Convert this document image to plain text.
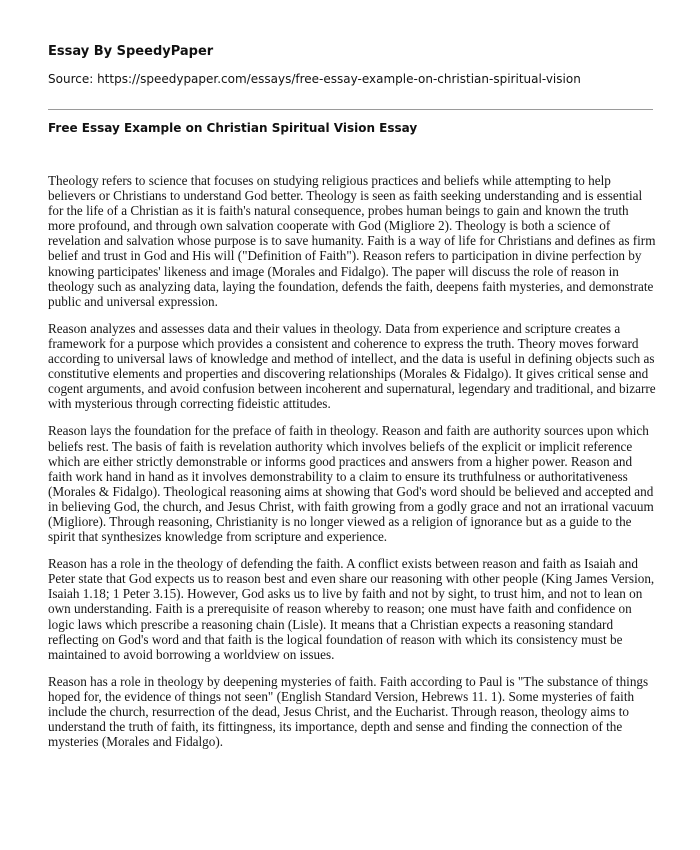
Essay By SpeedyPaper
Source: https://speedypaper.com/essays/free-essay-example-on-christian-spiritual-vision
Free Essay Example on Christian Spiritual Vision Essay

Theology refers to science that focuses on studying religious practices and beliefs while attempting to help believers or Christians to understand God better. Theology is seen as faith seeking understanding and is essential for the life of a Christian as it is faith's natural consequence, probes human beings to gain and known the truth more profound, and through own salvation cooperate with God (Migliore 2). Theology is both a science of revelation and salvation whose purpose is to save humanity. Faith is a way of life for Christians and defines as firm belief and trust in God and His will ("Definition of Faith"). Reason refers to participation in divine perfection by knowing participates' likeness and image (Morales and Fidalgo). The paper will discuss the role of reason in theology such as analyzing data, laying the foundation, defends the faith, deepens faith mysteries, and demonstrate public and universal expression.

Reason analyzes and assesses data and their values in theology. Data from experience and scripture creates a framework for a purpose which provides a consistent and coherence to express the truth. Theory moves forward according to universal laws of knowledge and method of intellect, and the data is useful in defining objects such as constitutive elements and properties and discovering relationships (Morales & Fidalgo). It gives critical sense and cogent arguments, and avoid confusion between incoherent and supernatural, legendary and traditional, and bizarre with mysterious through correcting fideistic attitudes.

Reason lays the foundation for the preface of faith in theology. Reason and faith are authority sources upon which beliefs rest. The basis of faith is revelation authority which involves beliefs of the explicit or implicit reference which are either strictly demonstrable or informs good practices and answers from a higher power. Reason and faith work hand in hand as it involves demonstrability to a claim to ensure its truthfulness or authoritativeness (Morales & Fidalgo). Theological reasoning aims at showing that God's word should be believed and accepted and in believing God, the church, and Jesus Christ, with faith growing from a godly grace and not an irrational vacuum (Migliore). Through reasoning, Christianity is no longer viewed as a religion of ignorance but as a guide to the spirit that synthesizes knowledge from scripture and experience.

Reason has a role in the theology of defending the faith. A conflict exists between reason and faith as Isaiah and Peter state that God expects us to reason best and even share our reasoning with other people (King James Version, Isaiah 1.18; 1 Peter 3.15). However, God asks us to live by faith and not by sight, to trust him, and not to lean on own understanding. Faith is a prerequisite of reason whereby to reason; one must have faith and confidence on logic laws which prescribe a reasoning chain (Lisle). It means that a Christian expects a reasoning standard reflecting on God's word and that faith is the logical foundation of reason with which its consistency must be maintained to avoid borrowing a worldview on issues.

Reason has a role in theology by deepening mysteries of faith. Faith according to Paul is "The substance of things hoped for, the evidence of things not seen" (English Standard Version, Hebrews 11. 1). Some mysteries of faith include the church, resurrection of the dead, Jesus Christ, and the Eucharist. Through reason, theology aims to understand the truth of faith, its fittingness, its importance, depth and sense and finding the connection of the mysteries (Morales and Fidalgo).
